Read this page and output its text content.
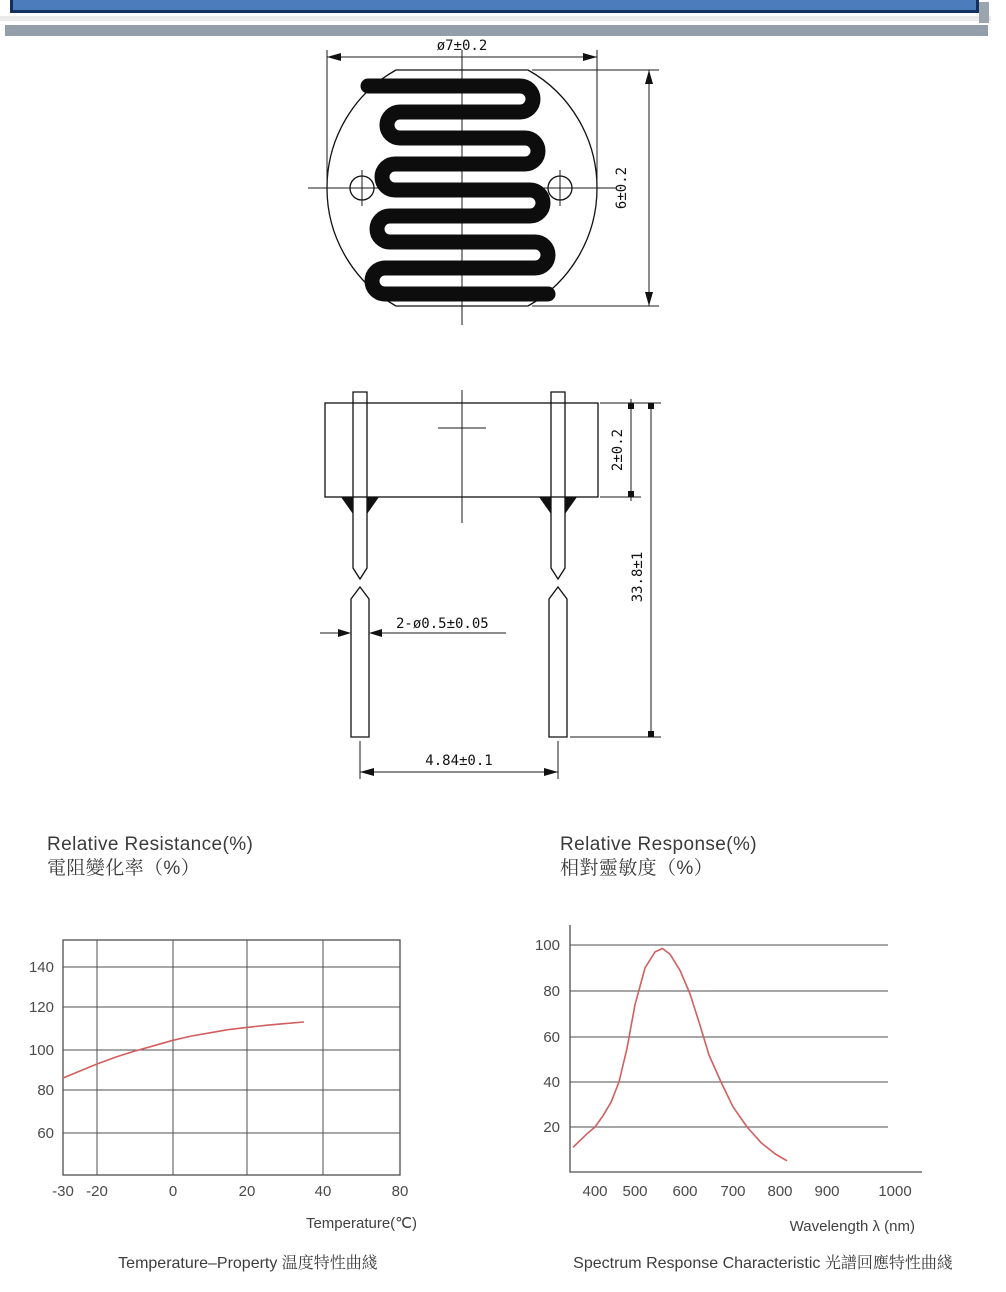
ø7±0.2
6±0.2
2±0.2
33.8±1
2-ø0.5±0.05
4.84±0.1
Relative Resistance(%)
電阻變化率（%）
Relative Response(%)
相對靈敏度（%）
Temperature(℃)
Temperature–Property 温度特性曲綫
-30 -20	0	20	40	80
140
120
100
80
60
Wavelength λ (nm)
Spectrum Response Characteristic 光譜回應特性曲綫
400 500 600 700 800 900	1000
100
80
60
40
20
